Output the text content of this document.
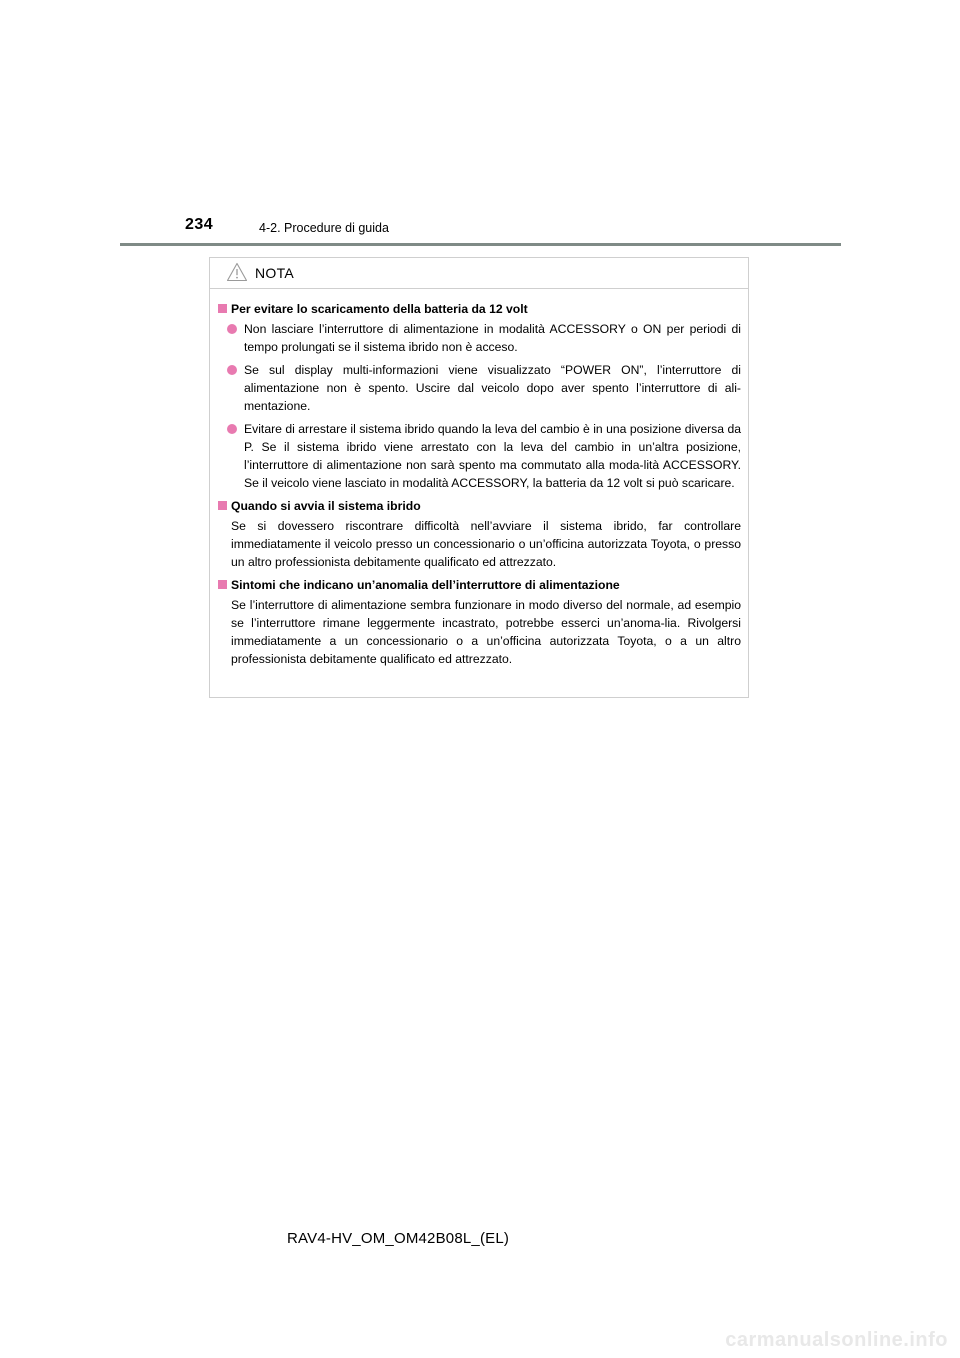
234	4-2. Procedure di guida
NOTA
Per evitare lo scaricamento della batteria da 12 volt
Non lasciare l’interruttore di alimentazione in modalità ACCESSORY o ON per periodi di tempo prolungati se il sistema ibrido non è acceso.
Se sul display multi-informazioni viene visualizzato “POWER ON”, l’interruttore di alimentazione non è spento. Uscire dal veicolo dopo aver spento l’interruttore di ali-mentazione.
Evitare di arrestare il sistema ibrido quando la leva del cambio è in una posizione diversa da P. Se il sistema ibrido viene arrestato con la leva del cambio in un’altra posizione, l’interruttore di alimentazione non sarà spento ma commutato alla moda-lità ACCESSORY. Se il veicolo viene lasciato in modalità ACCESSORY, la batteria da 12 volt si può scaricare.
Quando si avvia il sistema ibrido
Se si dovessero riscontrare difficoltà nell’avviare il sistema ibrido, far controllare immediatamente il veicolo presso un concessionario o un’officina autorizzata Toyota, o presso un altro professionista debitamente qualificato ed attrezzato.
Sintomi che indicano un’anomalia dell’interruttore di alimentazione
Se l’interruttore di alimentazione sembra funzionare in modo diverso del normale, ad esempio se l’interruttore rimane leggermente incastrato, potrebbe esserci un’anoma-lia. Rivolgersi immediatamente a un concessionario o a un’officina autorizzata Toyota, o a un altro professionista debitamente qualificato ed attrezzato.
RAV4-HV_OM_OM42B08L_(EL)
carmanualsonline.info
